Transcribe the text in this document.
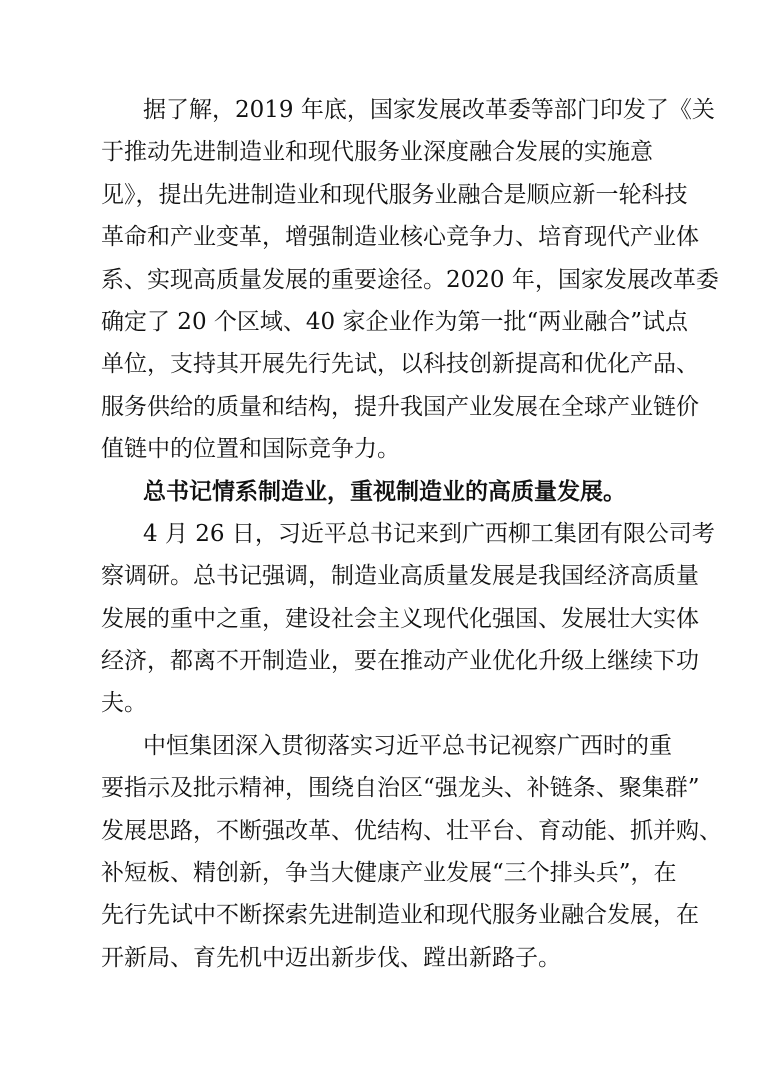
据了解，2019 年底，国家发展改革委等部门印发了《关
于推动先进制造业和现代服务业深度融合发展的实施意
见》，提出先进制造业和现代服务业融合是顺应新一轮科技
革命和产业变革，增强制造业核心竞争力、培育现代产业体
系、实现高质量发展的重要途径。2020 年，国家发展改革委
确定了 20 个区域、40 家企业作为第一批“两业融合”试点
单位，支持其开展先行先试，以科技创新提高和优化产品、
服务供给的质量和结构，提升我国产业发展在全球产业链价
值链中的位置和国际竞争力。
总书记情系制造业，重视制造业的高质量发展。
4 月 26 日，习近平总书记来到广西柳工集团有限公司考
察调研。总书记强调，制造业高质量发展是我国经济高质量
发展的重中之重，建设社会主义现代化强国、发展壮大实体
经济，都离不开制造业，要在推动产业优化升级上继续下功
夫。
中恒集团深入贯彻落实习近平总书记视察广西时的重
要指示及批示精神，围绕自治区“强龙头、补链条、聚集群”
发展思路，不断强改革、优结构、壮平台、育动能、抓并购、
补短板、精创新，争当大健康产业发展“三个排头兵”，在
先行先试中不断探索先进制造业和现代服务业融合发展，在
开新局、育先机中迈出新步伐、蹚出新路子。
